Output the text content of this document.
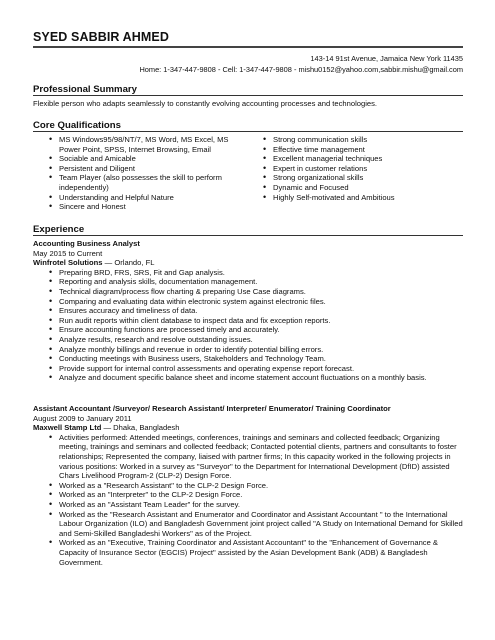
SYED SABBIR AHMED
143-14 91st Avenue, Jamaica New York 11435
Home: 1-347-447-9808 - Cell: 1-347-447-9808 - mishu0152@yahoo.com,sabbir.mishu@gmail.com
Professional Summary
Flexible person who adapts seamlessly to constantly evolving accounting processes and technologies.
Core Qualifications
• MS Windows95/98/NT/7, MS Word, MS Excel, MS Power Point, SPSS, Internet Browsing, Email
• Sociable and Amicable
• Persistent and Diligent
• Team Player (also possesses the skill to perform independently)
• Understanding and Helpful Nature
• Sincere and Honest
• Strong communication skills
• Effective time management
• Excellent managerial techniques
• Expert in customer relations
• Strong organizational skills
• Dynamic and Focused
• Highly Self-motivated and Ambitious
Experience
Accounting Business Analyst
May 2015 to Current
Winfrotel Solutions — Orlando, FL
• Preparing BRD, FRS, SRS, Fit and Gap analysis.
• Reporting and analysis skills, documentation management.
• Technical diagram/process flow charting & preparing Use Case diagrams.
• Comparing and evaluating data within electronic system against electronic files.
• Ensures accuracy and timeliness of data.
• Run audit reports within client database to inspect data and fix exception reports.
• Ensure accounting functions are processed timely and accurately.
• Analyze results, research and resolve outstanding issues.
• Analyze monthly billings and revenue in order to identify potential billing errors.
• Conducting meetings with Business users, Stakeholders and Technology Team.
• Provide support for internal control assessments and operating expense report forecast.
• Analyze and document specific balance sheet and income statement account fluctuations on a monthly basis.
Assistant Accountant /Surveyor/ Research Assistant/ Interpreter/ Enumerator/ Training Coordinator
August 2009 to January 2011
Maxwell Stamp Ltd — Dhaka, Bangladesh
• Activities performed: Attended meetings, conferences, trainings and seminars and collected feedback; Organizing meeting, trainings and seminars and collected feedback; Contacted potential clients, partners and consultants to foster relationships; Represented the company, liaised with partner firms; In this capacity worked in the following projects in various positions: Worked in a survey as "Surveyor" to the Department for International Development (DfID) assisted Chars Livelihood Program-2 (CLP-2) Design Force.
• Worked as a "Research Assistant" to the CLP-2 Design Force.
• Worked as an "Interpreter" to the CLP-2 Design Force.
• Worked as an "Assistant Team Leader" for the survey.
• Worked as the "Research Assistant and Enumerator and Coordinator and Assistant Accountant " to the International Labour Organization (ILO) and Bangladesh Government joint project called "A Study on International Demand for Skilled and Semi-Skilled Bangladeshi Workers" as of the Project.
• Worked as an "Executive, Training Coordinator and Assistant Accountant" to the "Enhancement of Governance & Capacity of Insurance Sector (EGCIS) Project" assisted by the Asian Development Bank (ADB) & Bangladesh Government.
